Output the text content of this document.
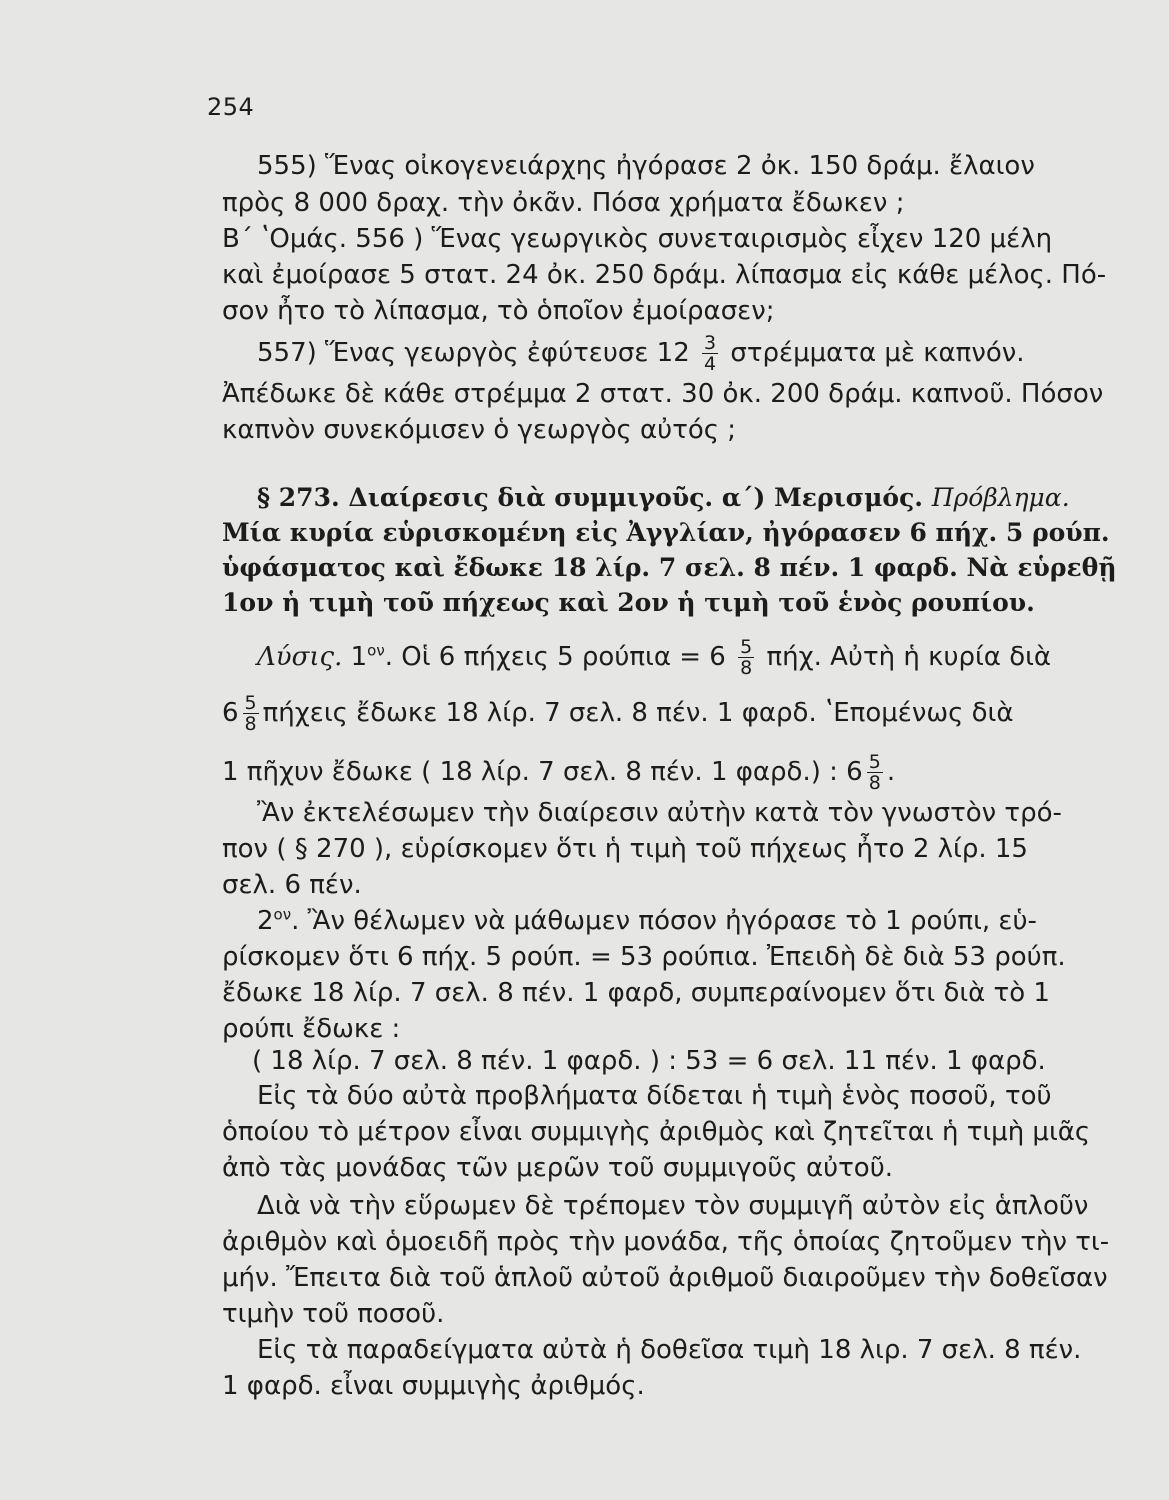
254
555) Ἕνας οἰκογενειάρχης ἠγόρασε 2 ὀκ. 150 δράμ. ἔλαιον
πρὸς 8 000 δραχ. τὴν ὀκᾶν. Πόσα χρήματα ἔδωκεν ;
Β΄ ʽΟμάς. 556 ) Ἕνας γεωργικὸς συνεταιρισμὸς εἶχεν 120 μέλη
καὶ ἐμοίρασε 5 στατ. 24 ὀκ. 250 δράμ. λίπασμα εἰς κάθε μέλος. Πό-
σον ἦτο τὸ λίπασμα, τὸ ὁποῖον ἐμοίρασεν;
557) Ἕνας γεωργὸς ἐφύτευσε $12 \frac{3}{4}$ στρέμματα μὲ καπνόν.
Ἀπέδωκε δὲ κάθε στρέμμα 2 στατ. 30 ὀκ. 200 δράμ. καπνοῦ. Πόσον
καπνὸν συνεκόμισεν ὁ γεωργὸς αὐτός ;
§ 273. Διαίρεσις διὰ συμμιγοῦς. α΄) Μερισμός. Πρόβλημα.
Μία κυρία εὑρισκομένη εἰς Ἀγγλίαν, ἠγόρασεν 6 πήχ. 5 ρούπ.
ὑφάσματος καὶ ἔδωκε 18 λίρ. 7 σελ. 8 πέν. 1 φαρδ. Νὰ εὑρεθῇ
1ον ἡ τιμὴ τοῦ πήχεως καὶ 2ον ἡ τιμὴ τοῦ ἑνὸς ρουπίου.
Λύσις. $1^{o\nu}$. Οἱ 6 πήχεις 5 $\rho oύ\pi\iota\alpha = 6 \frac{5}{8} \pi ή\chi$. Αὐτὴ ἡ κυρία διὰ
$6 \frac{5}{8}$ πήχεις ἔδωκε 18 λίρ. 7 σελ. 8 πέν. 1 φαρδ. ʽΕπομένως διὰ
1 πῆχυν ἔδωκε ( 18 λίρ. 7 σελ. 8 πέν. 1 φαρδ.) : $6 \frac{5}{8}$ .
Ἂν ἐκτελέσωμεν τὴν διαίρεσιν αὐτὴν κατὰ τὸν γνωστὸν τρό-
πον ( § 270 ), εὑρίσκομεν ὅτι ἡ τιμὴ τοῦ πήχεως ἦτο 2 λίρ. 15
σελ. 6 πέν.
$2^{o\nu}$. Ἂν θέλωμεν νὰ μάθωμεν πόσον ἠγόρασε τὸ 1 ρούπι, εὑ-
ρίσκομεν ὅτι 6 πήχ. 5 ρούπ. = 53 ρούπια. Ἐπειδὴ δὲ διὰ 53 ρούπ.
ἔδωκε 18 λίρ. 7 σελ. 8 πέν. 1 φαρδ, συμπεραίνομεν ὅτι διὰ τὸ 1
ρούπι ἔδωκε :
( 18 λίρ. 7 σελ. 8 πέν. 1 φαρδ. ) : 53 = 6 σελ. 11 πέν. 1 φαρδ.
Εἰς τὰ δύο αὐτὰ προβλήματα δίδεται ἡ τιμὴ ἑνὸς ποσοῦ, τοῦ
ὁποίου τὸ μέτρον εἶναι συμμιγὴς ἀριθμὸς καὶ ζητεῖται ἡ τιμὴ μιᾶς
ἀπὸ τὰς μονάδας τῶν μερῶν τοῦ συμμιγοῦς αὐτοῦ.
Διὰ νὰ τὴν εὕρωμεν δὲ τρέπομεν τὸν συμμιγῆ αὐτὸν εἰς ἁπλοῦν
ἀριθμὸν καὶ ὁμοειδῆ πρὸς τὴν μονάδα, τῆς ὁποίας ζητοῦμεν τὴν τι-
μήν. Ἔπειτα διὰ τοῦ ἁπλοῦ αὐτοῦ ἀριθμοῦ διαιροῦμεν τὴν δοθεῖσαν
τιμὴν τοῦ ποσοῦ.
Εἰς τὰ παραδείγματα αὐτὰ ἡ δοθεῖσα τιμὴ 18 λιρ. 7 σελ. 8 πέν.
1 φαρδ. εἶναι συμμιγὴς ἀριθμός.
